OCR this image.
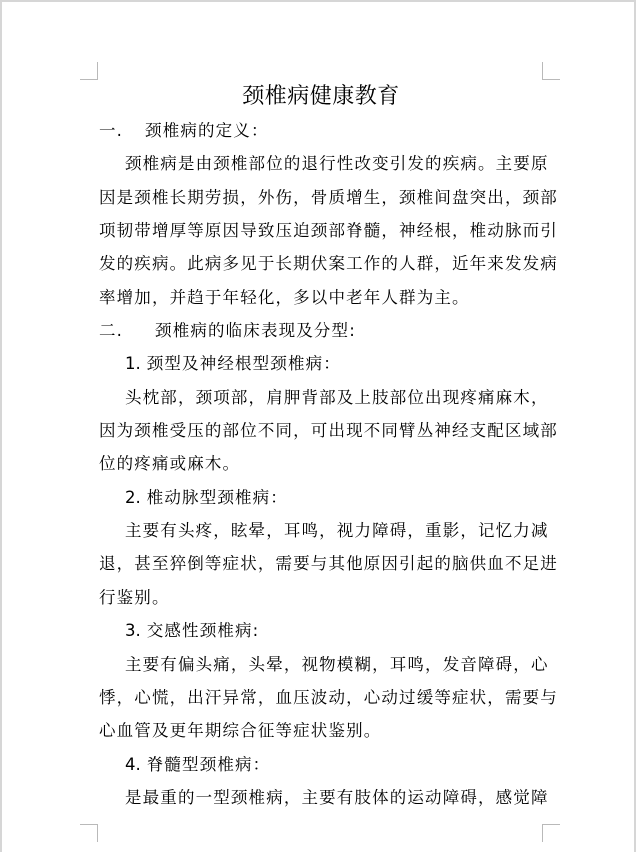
颈椎病健康教育
一. 颈椎病的定义：
颈椎病是由颈椎部位的退行性改变引发的疾病。主要原
因是颈椎长期劳损，外伤，骨质增生，颈椎间盘突出，颈部
项韧带增厚等原因导致压迫颈部脊髓，神经根，椎动脉而引
发的疾病。此病多见于长期伏案工作的人群，近年来发发病
率增加，并趋于年轻化，多以中老年人群为主。
二. 颈椎病的临床表现及分型:
1. 颈型及神经根型颈椎病：
头枕部，颈项部，肩胛背部及上肢部位出现疼痛麻木，
因为颈椎受压的部位不同，可出现不同臂丛神经支配区域部
位的疼痛或麻木。
2. 椎动脉型颈椎病：
主要有头疼，眩晕，耳鸣，视力障碍，重影，记忆力减
退，甚至猝倒等症状，需要与其他原因引起的脑供血不足进
行鉴别。
3. 交感性颈椎病:
主要有偏头痛，头晕，视物模糊，耳鸣，发音障碍，心
悸，心慌，出汗异常，血压波动，心动过缓等症状，需要与
心血管及更年期综合征等症状鉴别。
4. 脊髓型颈椎病：
是最重的一型颈椎病，主要有肢体的运动障碍，感觉障
